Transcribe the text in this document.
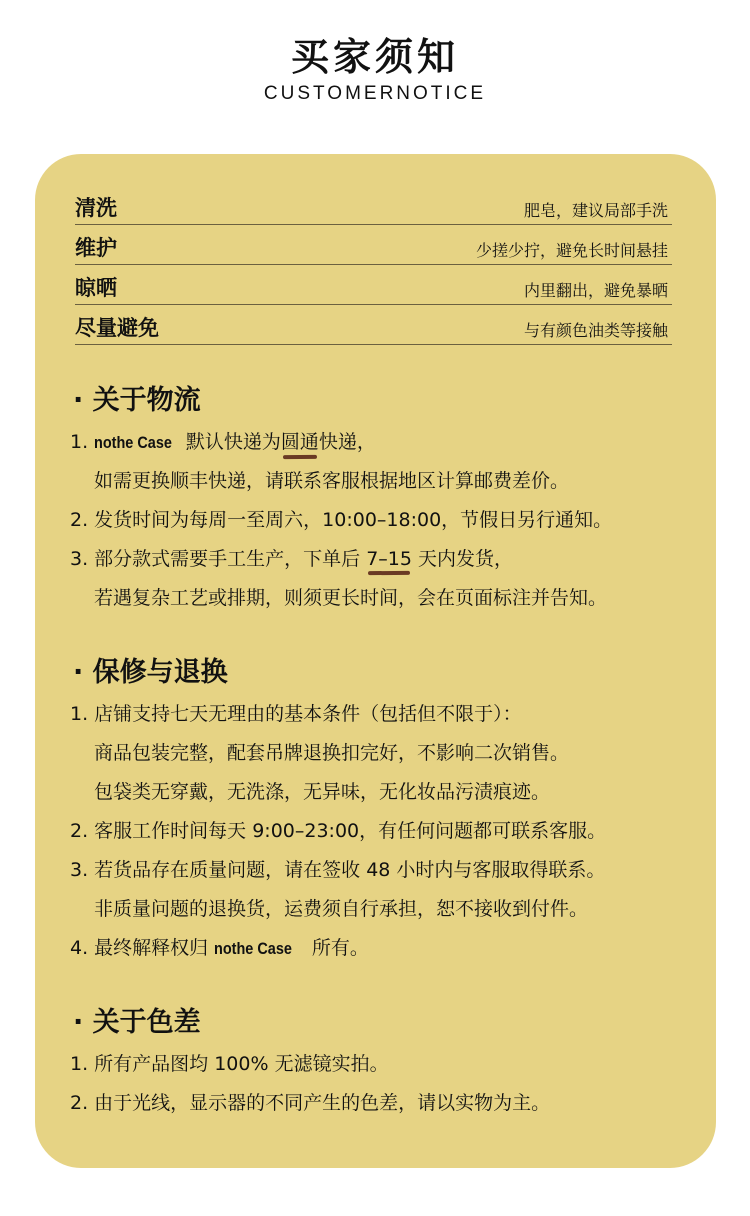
买家须知
CUSTOMERNOTICE
清洗	肥皂，建议局部手洗
维护	少搓少拧，避免长时间悬挂
晾晒	内里翻出，避免暴晒
尽量避免	与有颜色油类等接触
· 关于物流
1. nothe Case 默认快递为圆通快递，
如需更换顺丰快递，请联系客服根据地区计算邮费差价。
2. 发货时间为每周一至周六，10:00–18:00，节假日另行通知。
3. 部分款式需要手工生产，下单后 7–15 天内发货，
若遇复杂工艺或排期，则须更长时间，会在页面标注并告知。
· 保修与退换
1. 店铺支持七天无理由的基本条件（包括但不限于）：
商品包装完整，配套吊牌退换扣完好，不影响二次销售。
包袋类无穿戴，无洗涤，无异味，无化妆品污渍痕迹。
2. 客服工作时间每天 9:00–23:00，有任何问题都可联系客服。
3. 若货品存在质量问题，请在签收 48 小时内与客服取得联系。
非质量问题的退换货，运费须自行承担，恕不接收到付件。
4. 最终解释权归 nothe Case 所有。
· 关于色差
1. 所有产品图均 100% 无滤镜实拍。
2. 由于光线，显示器的不同产生的色差，请以实物为主。
